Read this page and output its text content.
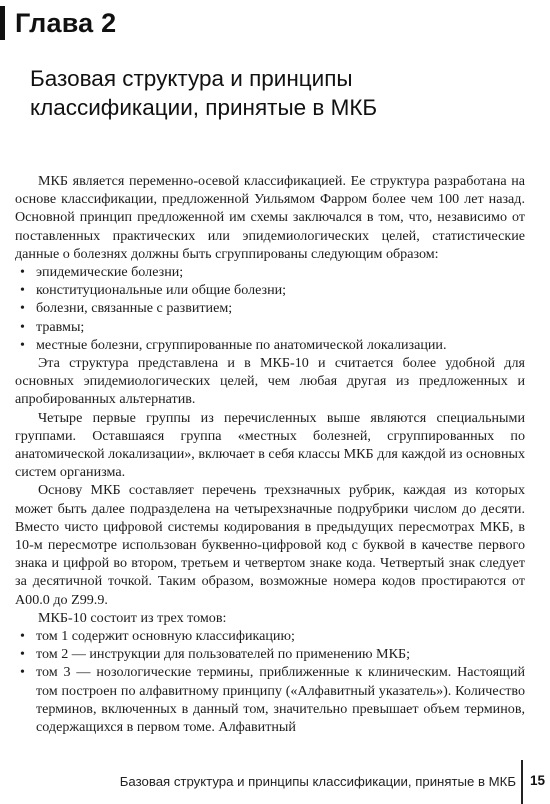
Глава 2
Базовая структура и принципы
классификации, принятые в МКБ

МКБ является переменно-осевой классификацией. Ее структура разработана на основе классификации, предложенной Уильямом Фарром более чем 100 лет назад. Основной принцип предложенной им схемы заключался в том, что, независимо от поставленных практических или эпидемиологических целей, статистические данные о болезнях должны быть сгруппированы следующим образом:

• эпидемические болезни;
• конституциональные или общие болезни;
• болезни, связанные с развитием;
• травмы;
• местные болезни, сгруппированные по анатомической локализации.

Эта структура представлена и в МКБ-10 и считается более удобной для основных эпидемиологических целей, чем любая другая из предложенных и апробированных альтернатив.

Четыре первые группы из перечисленных выше являются специальными группами. Оставшаяся группа «местных болезней, сгруппированных по анатомической локализации», включает в себя классы МКБ для каждой из основных систем организма.

Основу МКБ составляет перечень трехзначных рубрик, каждая из которых может быть далее подразделена на четырехзначные подрубрики числом до десяти. Вместо чисто цифровой системы кодирования в предыдущих пересмотрах МКБ, в 10-м пересмотре использован буквенно-цифровой код с буквой в качестве первого знака и цифрой во втором, третьем и четвертом знаке кода. Четвертый знак следует за десятичной точкой. Таким образом, возможные номера кодов простираются от А00.0 до Z99.9.

МКБ-10 состоит из трех томов:

• том 1 содержит основную классификацию;
• том 2 — инструкции для пользователей по применению МКБ;
• том 3 — нозологические термины, приближенные к клиническим. Настоящий том построен по алфавитному принципу («Алфавитный указатель»). Количество терминов, включенных в данный том, значительно превышает объем терминов, содержащихся в первом томе. Алфавитный
Базовая структура и принципы классификации, принятые в МКБ 15
